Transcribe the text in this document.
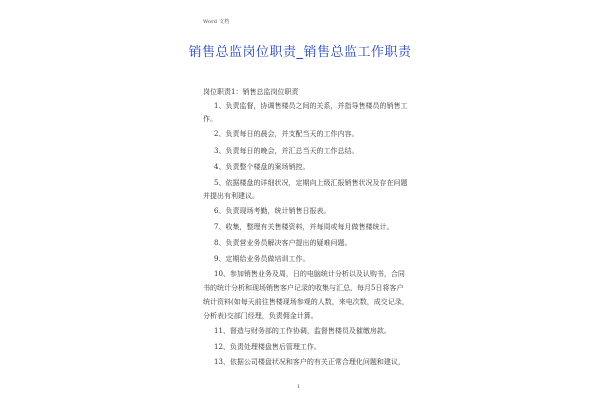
Word 文档
销售总监岗位职责_销售总监工作职责
岗位职责1：销售总监岗位职责
1、负责监督，协调售楼员之间的关系，并指导售楼员的销售工
作。
2、负责每日的晨会，并支配当天的工作内容。
3、负责每日的晚会，并汇总当天的工作总结。
4、负责整个楼盘的案场销控。
5、依据楼盘的详细状况，定期向上级汇报销售状况及存在问题
并提出有利建议。
6、负责现场考勤，统计销售日报表。
7、收集，整理有关售楼资料，并每周或每月做售楼统计。
8、负责营业务员解决客户提出的疑难问题。
9、定期给业务员做培训工作。
10、参加销售业务及周，日的电脑统计分析以及认购书，合同
书的统计分析和现场销售客户记录的收集与汇总，每月5日将客户
统计资料(如每天前往售楼现场参观的人数，来电次数，成交记录，
分析表)交部门经理，负责佣金计算。
11、督造与财务部的工作协调，监督售楼员及催缴房款。
12、负责处理楼盘售后管理工作。
13、依据公司楼盘状况和客户的有关正常合理化问题和建议，
1
